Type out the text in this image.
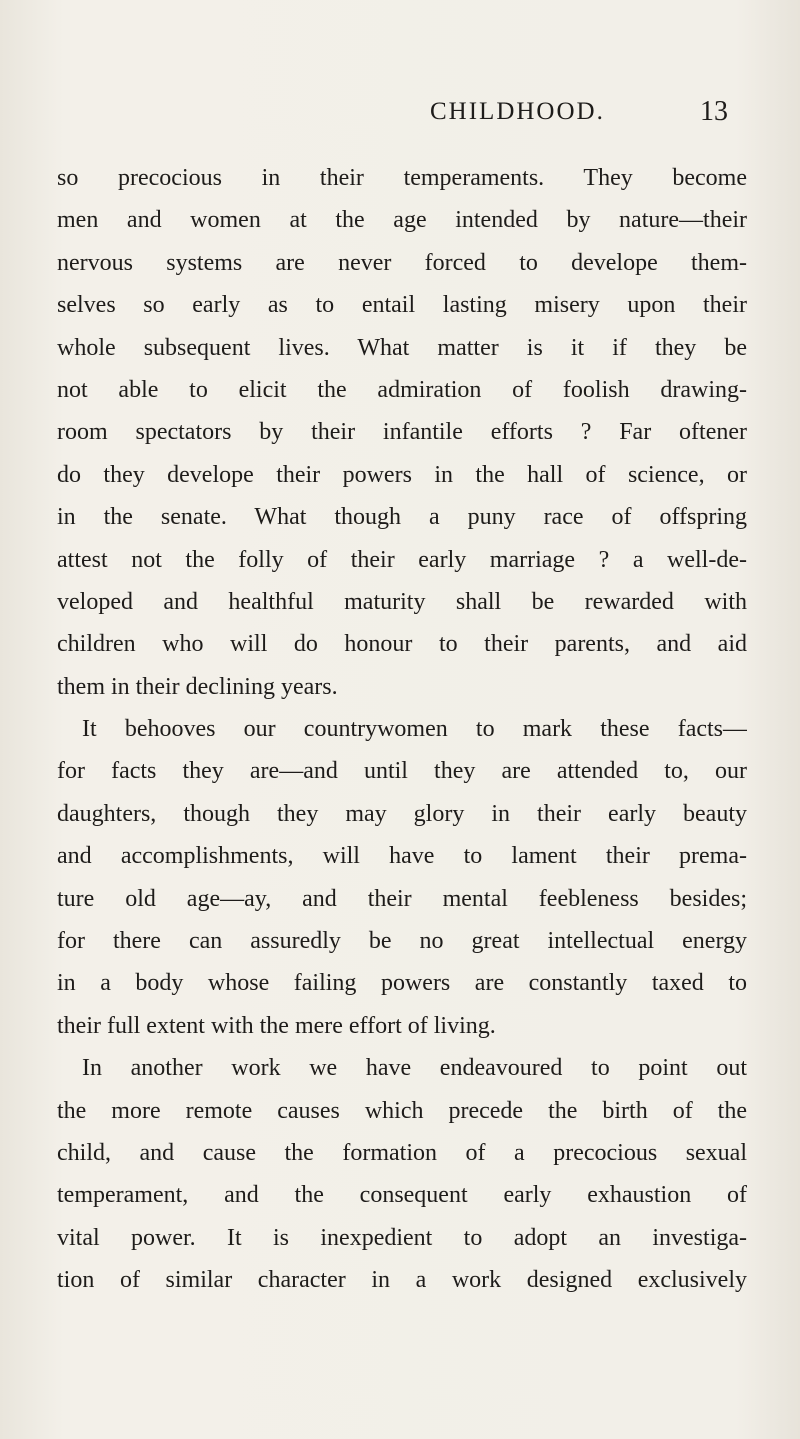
CHILDHOOD.	13
so precocious in their temperaments. They become
men and women at the age intended by nature—their
nervous systems are never forced to develope them-
selves so early as to entail lasting misery upon their
whole subsequent lives. What matter is it if they be
not able to elicit the admiration of foolish drawing-
room spectators by their infantile efforts ? Far oftener
do they develope their powers in the hall of science, or
in the senate. What though a puny race of offspring
attest not the folly of their early marriage ? a well-de-
veloped and healthful maturity shall be rewarded with
children who will do honour to their parents, and aid
them in their declining years.
It behooves our countrywomen to mark these facts—
for facts they are—and until they are attended to, our
daughters, though they may glory in their early beauty
and accomplishments, will have to lament their prema-
ture old age—ay, and their mental feebleness besides;
for there can assuredly be no great intellectual energy
in a body whose failing powers are constantly taxed to
their full extent with the mere effort of living.
In another work we have endeavoured to point out
the more remote causes which precede the birth of the
child, and cause the formation of a precocious sexual
temperament, and the consequent early exhaustion of
vital power. It is inexpedient to adopt an investiga-
tion of similar character in a work designed exclusively
